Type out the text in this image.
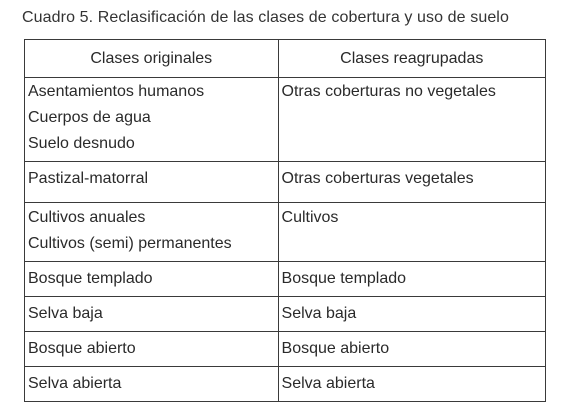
Cuadro 5. Reclasificación de las clases de cobertura y uso de suelo
Clases originales	Clases reagrupadas

Asentamientos humanos
Cuerpos de agua
Suelo desnudo	Otras coberturas no vegetales

Pastizal-matorral	Otras coberturas vegetales

Cultivos anuales
Cultivos (semi) permanentes	Cultivos

Bosque templado	Bosque templado

Selva baja	Selva baja

Bosque abierto	Bosque abierto

Selva abierta	Selva abierta
